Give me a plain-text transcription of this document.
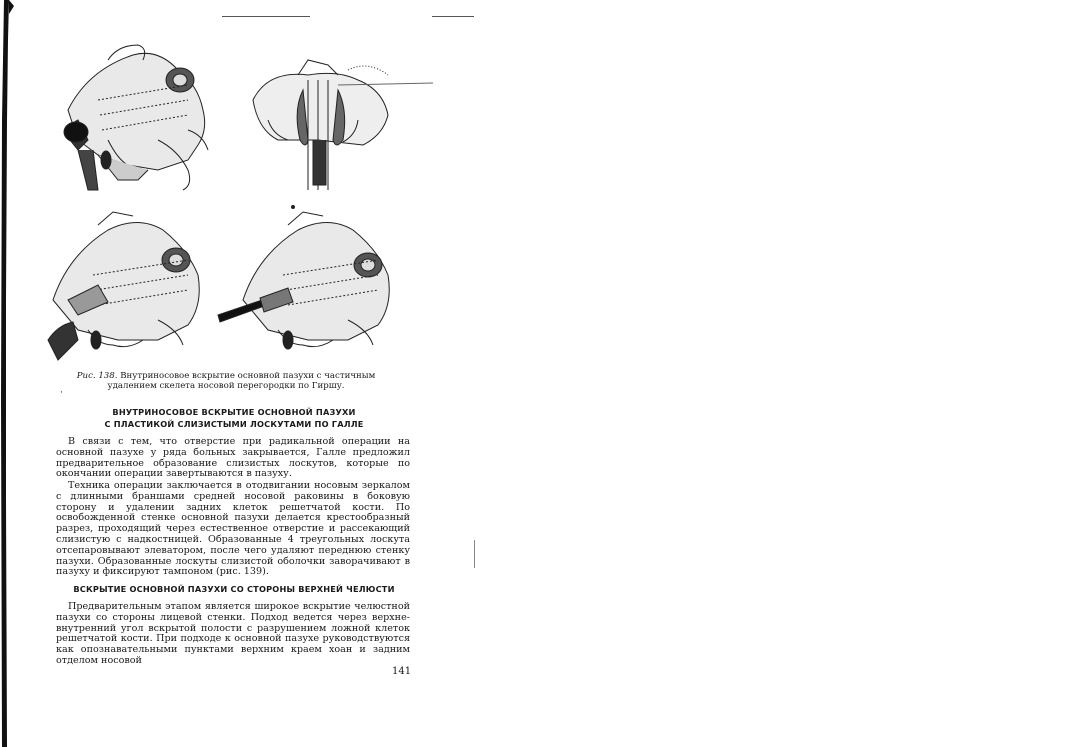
Рис. 138. Внутриносовое вскрытие основной пазухи с частичным удалением скелета носовой перегородки по Гиршу.
·
ВНУТРИНОСОВОЕ ВСКРЫТИЕ ОСНОВНОЙ ПАЗУХИ
С ПЛАСТИКОЙ СЛИЗИСТЫМИ ЛОСКУТАМИ ПО ГАЛЛЕ

В связи с тем, что отверстие при радикальной операции на основной пазухе у ряда больных закрывается, Галле предложил предварительное образование слизистых лоскутов, которые по окончании операции завертываются в пазуху.

Техника операции заключается в отодвигании носовым зеркалом с длинными браншами средней носовой раковины в боковую сторону и удалении задних клеток решетчатой кости. По освобожденной стенке основной пазухи делается крестообразный разрез, проходящий через естественное отверстие и рассекающий слизистую с надкостницей. Образованные 4 треугольных лоскута отсепаровывают элеватором, после чего удаляют переднюю стенку пазухи. Образованные лоскуты слизистой оболочки заворачивают в пазуху и фиксируют тампоном (рис. 139).

ВСКРЫТИЕ ОСНОВНОЙ ПАЗУХИ СО СТОРОНЫ ВЕРХНЕЙ ЧЕЛЮСТИ

Предварительным этапом является широкое вскрытие челюстной пазухи со стороны лицевой стенки. Подход ведется через верхне-внутренний угол вскрытой полости с разрушением ложной клеток решетчатой кости. При подходе к основной пазухе руководствуются как опознавательными пунктами верхним краем хоан и задним отделом носовой

141
